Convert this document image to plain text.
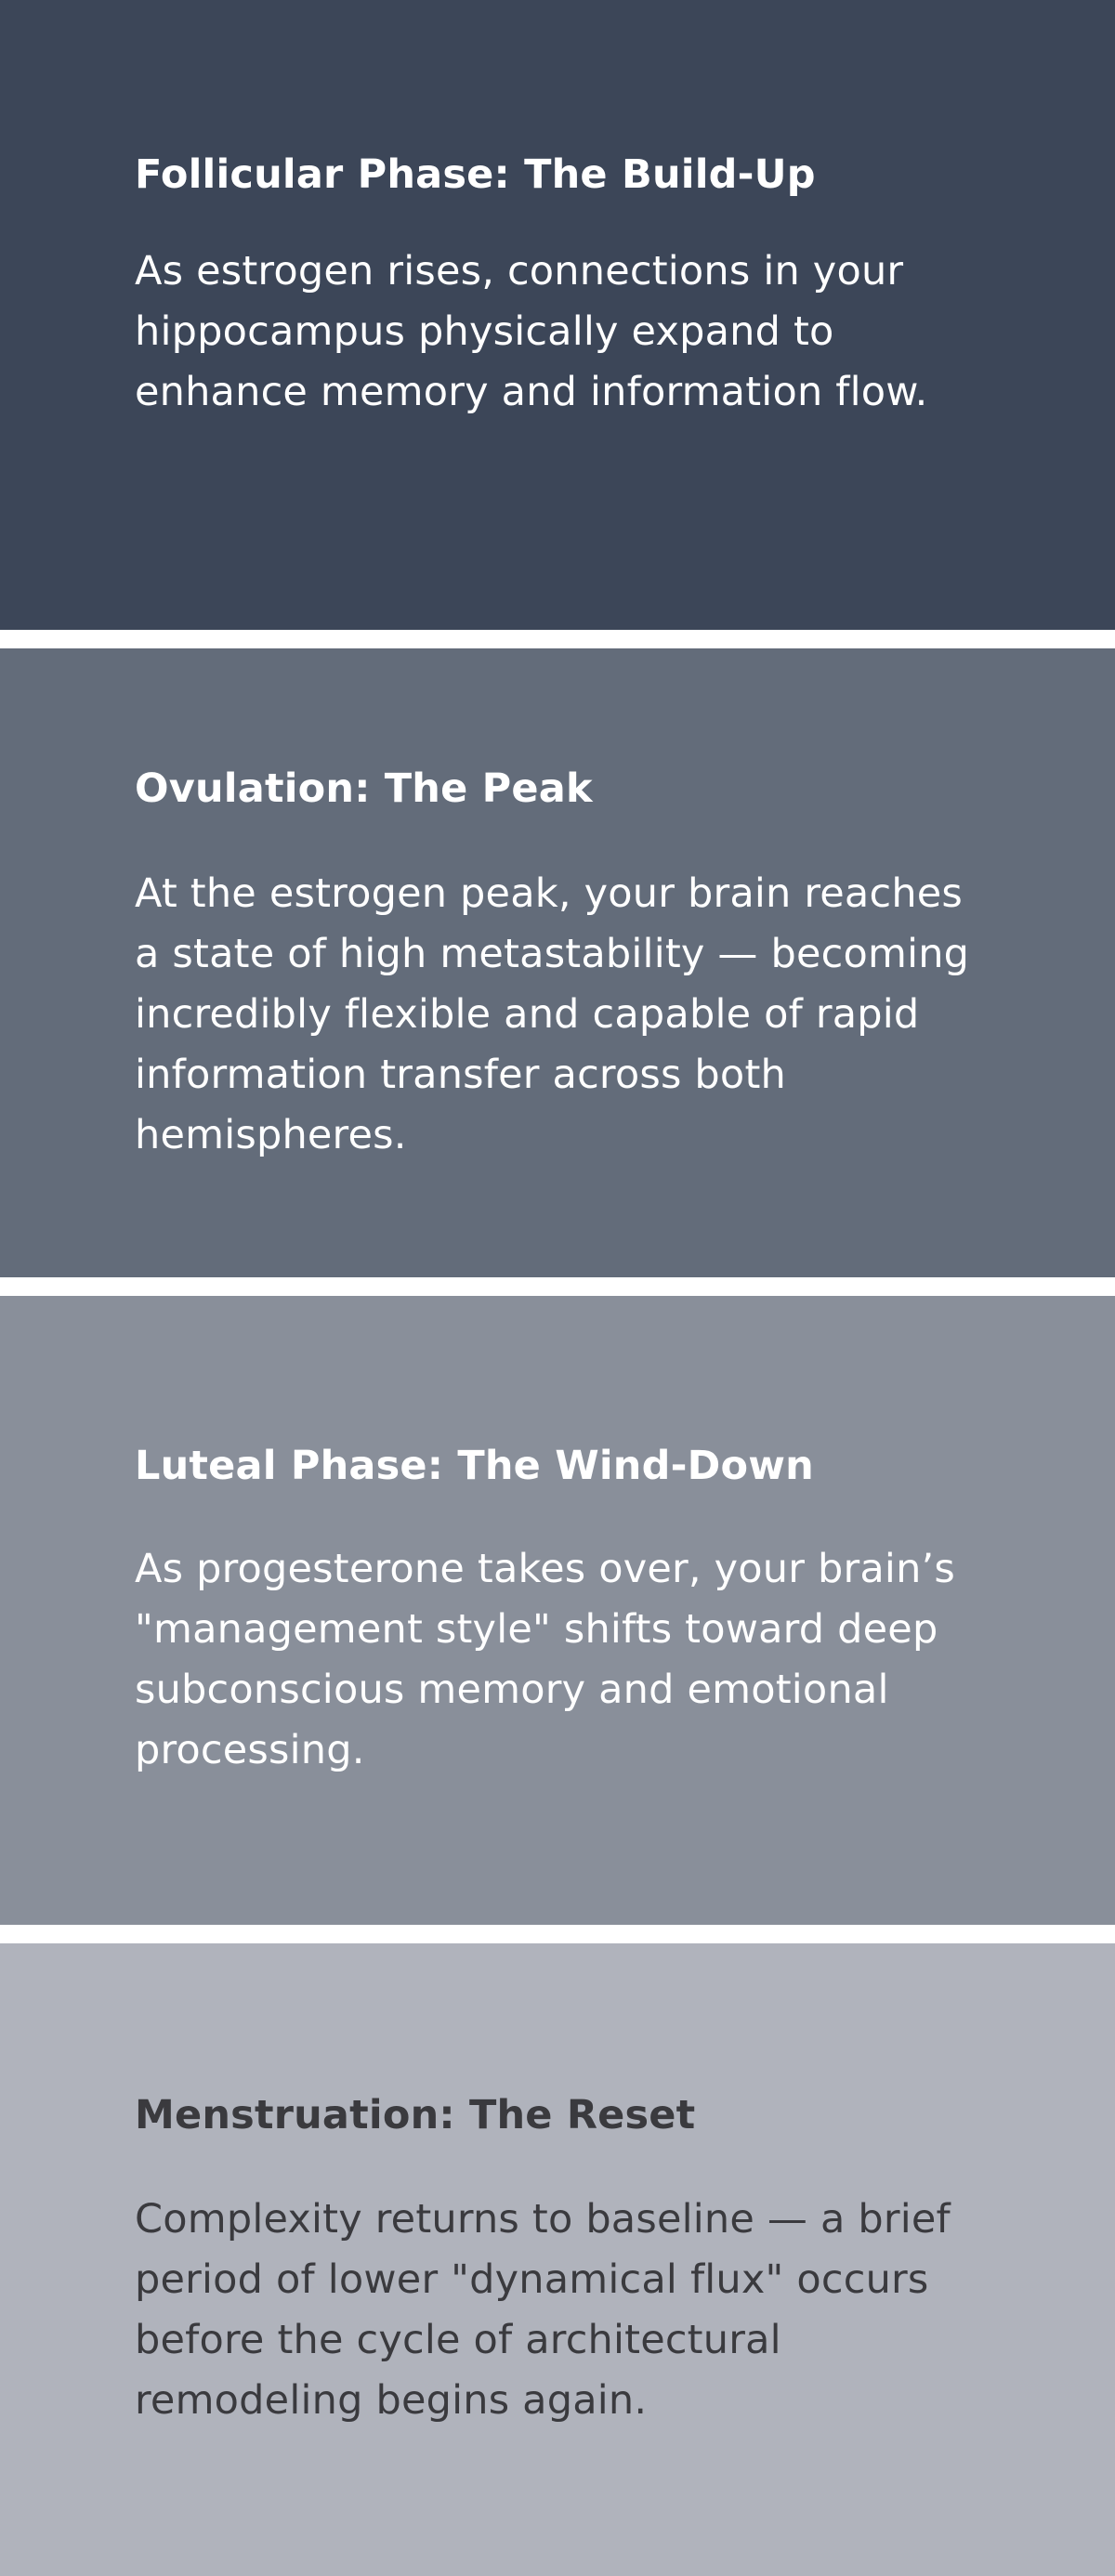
Follicular Phase: The Build-Up

As estrogen rises, connections in your hippocampus physically expand to enhance memory and information flow.

Ovulation: The Peak

At the estrogen peak, your brain reaches a state of high metastability — becoming incredibly flexible and capable of rapid information transfer across both hemispheres.

Luteal Phase: The Wind-Down

As progesterone takes over, your brain’s "management style" shifts toward deep subconscious memory and emotional processing.

Menstruation: The Reset

Complexity returns to baseline — a brief period of lower "dynamical flux" occurs before the cycle of architectural remodeling begins again.
